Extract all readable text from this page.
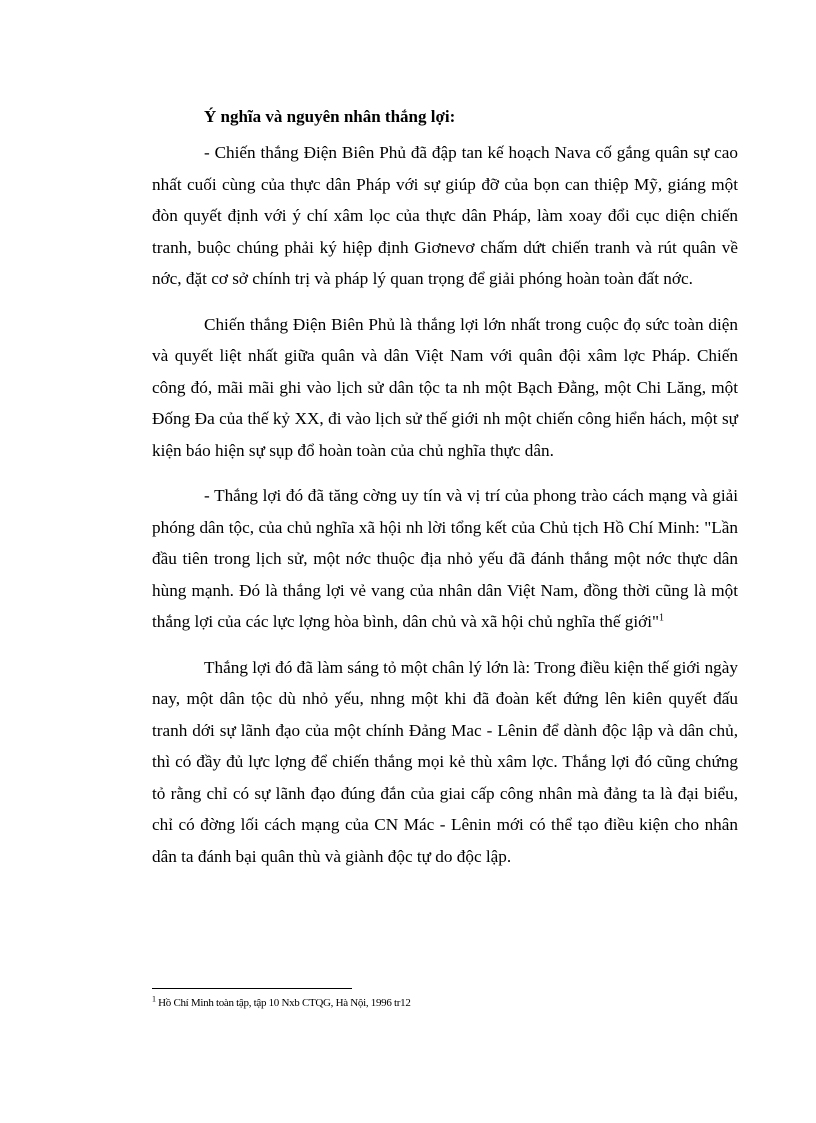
Ý nghĩa và nguyên nhân thắng lợi:

- Chiến thắng Điện Biên Phủ đã đập tan kế hoạch Nava cố gắng quân sự cao nhất cuối cùng của thực dân Pháp với sự giúp đỡ của bọn can thiệp Mỹ, giáng một đòn quyết định với ý chí xâm lọc của thực dân Pháp, làm xoay đổi cục diện chiến tranh, buộc chúng phải ký hiệp định Giơnevơ chấm dứt chiến tranh và rút quân về nớc, đặt cơ sở chính trị và pháp lý quan trọng để giải phóng hoàn toàn đất nớc.

Chiến thắng Điện Biên Phủ là thắng lợi lớn nhất trong cuộc đọ sức toàn diện và quyết liệt nhất giữa quân và dân Việt Nam với quân đội xâm lợc Pháp. Chiến công đó, mãi mãi ghi vào lịch sử dân tộc ta nh một Bạch Đằng, một Chi Lăng, một Đống Đa của thế kỷ XX, đi vào lịch sử thế giới nh một chiến công hiển hách, một sự kiện báo hiện sự sụp đổ hoàn toàn của chủ nghĩa thực dân.

- Thắng lợi đó đã tăng cờng uy tín và vị trí của phong trào cách mạng và giải phóng dân tộc, của chủ nghĩa xã hội nh lời tổng kết của Chủ tịch Hồ Chí Minh: "Lần đầu tiên trong lịch sử, một nớc thuộc địa nhỏ yếu đã đánh thắng một nớc thực dân hùng mạnh. Đó là thắng lợi vẻ vang của nhân dân Việt Nam, đồng thời cũng là một thắng lợi của các lực lợng hòa bình, dân chủ và xã hội chủ nghĩa thế giới"$^1$

Thắng lợi đó đã làm sáng tỏ một chân lý lớn là: Trong điều kiện thế giới ngày nay, một dân tộc dù nhỏ yếu, nhng một khi đã đoàn kết đứng lên kiên quyết đấu tranh dới sự lãnh đạo của một chính Đảng Mac - Lênin để dành độc lập và dân chủ, thì có đầy đủ lực lợng để chiến thắng mọi kẻ thù xâm lợc. Thắng lợi đó cũng chứng tỏ rằng chỉ có sự lãnh đạo đúng đắn của giai cấp công nhân mà đảng ta là đại biểu, chỉ có đờng lối cách mạng của CN Mác - Lênin mới có thể tạo điều kiện cho nhân dân ta đánh bại quân thù và giành độc tự do độc lập.

$^1$ Hồ Chí Minh toàn tập, tập 10 Nxb CTQG, Hà Nội, 1996 tr12
